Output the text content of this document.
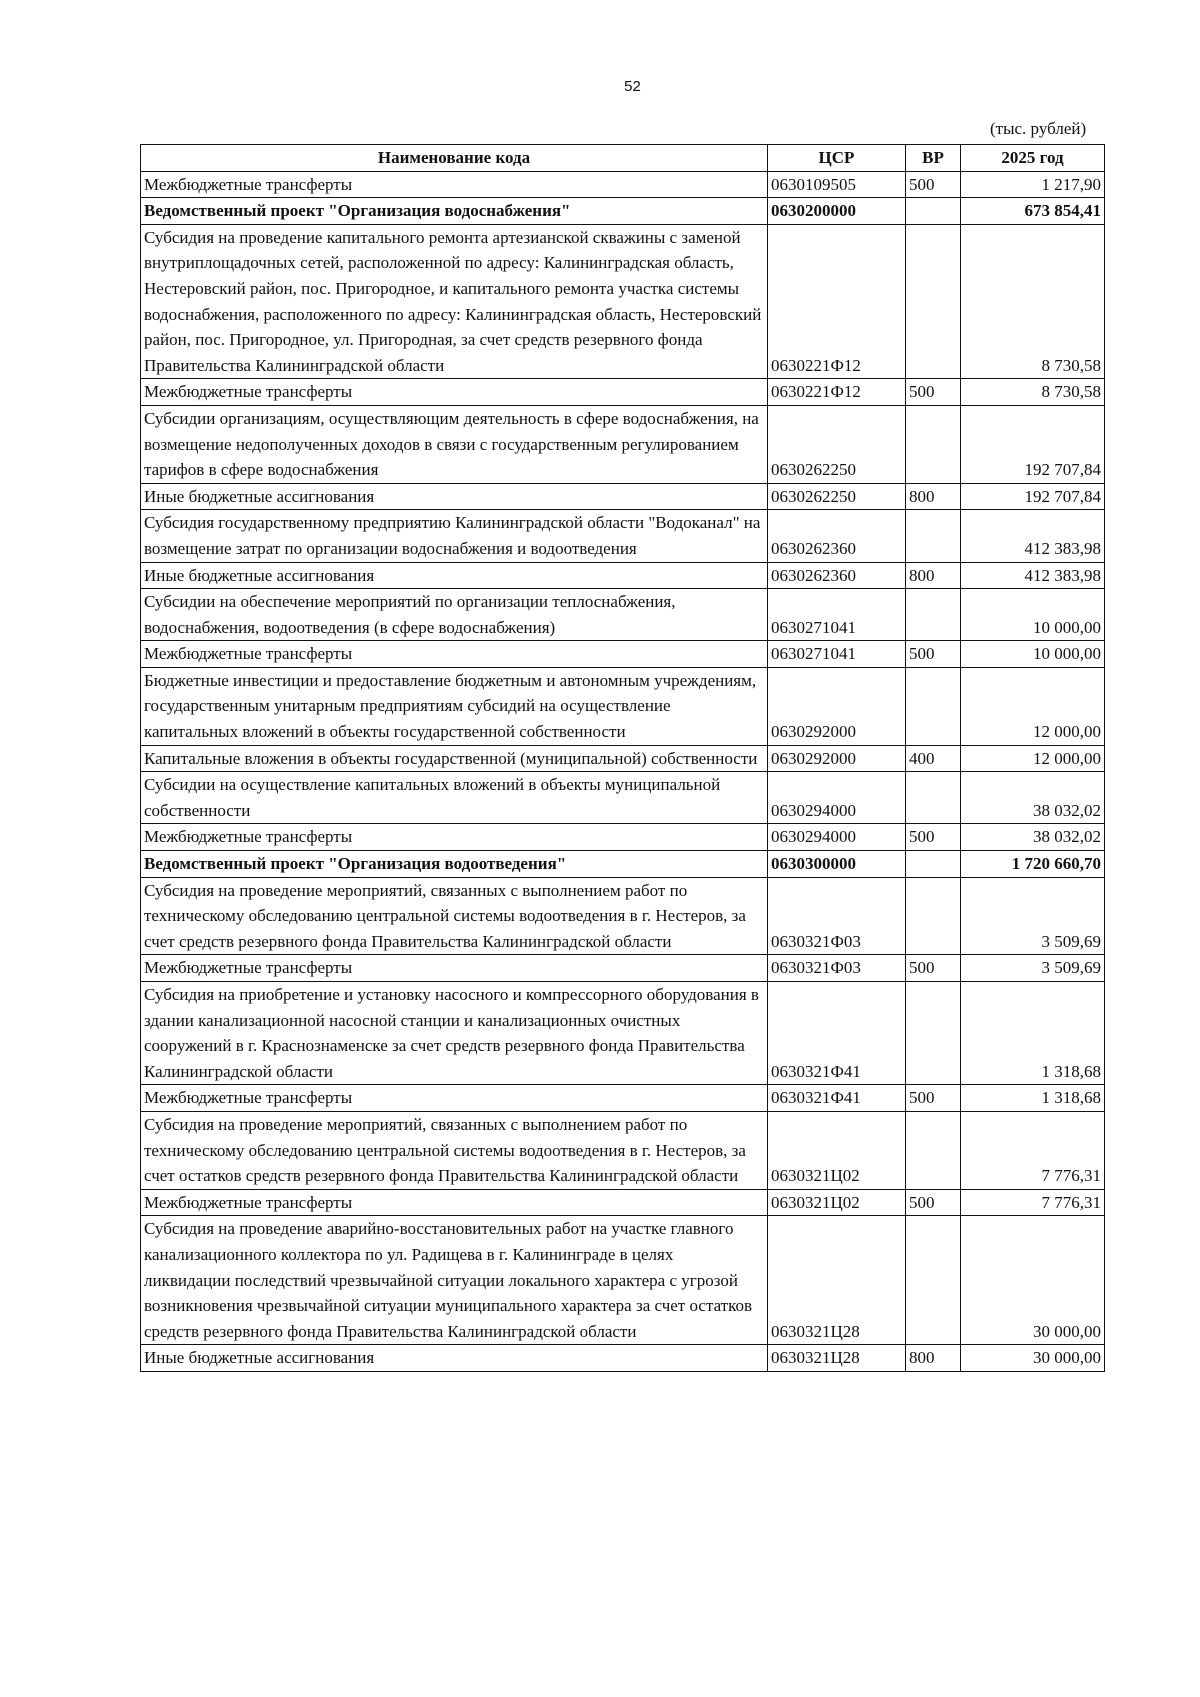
52
(тыс. рублей)
Наименование кода	ЦСР	ВР	2025 год
Межбюджетные трансферты	0630109505	500	1 217,90
Ведомственный проект "Организация водоснабжения"	0630200000		673 854,41
Субсидия на проведение капитального ремонта артезианской скважины с заменой внутриплощадочных сетей, расположенной по адресу: Калининградская область, Нестеровский район, пос. Пригородное, и капитального ремонта участка системы водоснабжения, расположенного по адресу: Калининградская область, Нестеровский район, пос. Пригородное, ул. Пригородная, за счет средств резервного фонда Правительства Калининградской области	0630221Ф12		8 730,58
Межбюджетные трансферты	0630221Ф12	500	8 730,58
Субсидии организациям, осуществляющим деятельность в сфере водоснабжения, на возмещение недополученных доходов в связи с государственным регулированием тарифов в сфере водоснабжения	0630262250		192 707,84
Иные бюджетные ассигнования	0630262250	800	192 707,84
Субсидия государственному предприятию Калининградской области "Водоканал" на возмещение затрат по организации водоснабжения и водоотведения	0630262360		412 383,98
Иные бюджетные ассигнования	0630262360	800	412 383,98
Субсидии на обеспечение мероприятий по организации теплоснабжения, водоснабжения, водоотведения (в сфере водоснабжения)	0630271041		10 000,00
Межбюджетные трансферты	0630271041	500	10 000,00
Бюджетные инвестиции и предоставление бюджетным и автономным учреждениям, государственным унитарным предприятиям субсидий на осуществление капитальных вложений в объекты государственной собственности	0630292000		12 000,00
Капитальные вложения в объекты государственной (муниципальной) собственности	0630292000	400	12 000,00
Субсидии на осуществление капитальных вложений в объекты муниципальной собственности	0630294000		38 032,02
Межбюджетные трансферты	0630294000	500	38 032,02
Ведомственный проект "Организация водоотведения"	0630300000		1 720 660,70
Субсидия на проведение мероприятий, связанных с выполнением работ по техническому обследованию центральной системы водоотведения в г. Нестеров, за счет средств резервного фонда Правительства Калининградской области	0630321Ф03		3 509,69
Межбюджетные трансферты	0630321Ф03	500	3 509,69
Субсидия на приобретение и установку насосного и компрессорного оборудования в здании канализационной насосной станции и канализационных очистных сооружений в г. Краснознаменске за счет средств резервного фонда Правительства Калининградской области	0630321Ф41		1 318,68
Межбюджетные трансферты	0630321Ф41	500	1 318,68
Субсидия на проведение мероприятий, связанных с выполнением работ по техническому обследованию центральной системы водоотведения в г. Нестеров, за счет остатков средств резервного фонда Правительства Калининградской области	0630321Ц02		7 776,31
Межбюджетные трансферты	0630321Ц02	500	7 776,31
Субсидия на проведение аварийно-восстановительных работ на участке главного канализационного коллектора по ул. Радищева в г. Калининграде в целях ликвидации последствий чрезвычайной ситуации локального характера с угрозой возникновения чрезвычайной ситуации муниципального характера за счет остатков средств резервного фонда Правительства Калининградской области	0630321Ц28		30 000,00
Иные бюджетные ассигнования	0630321Ц28	800	30 000,00
